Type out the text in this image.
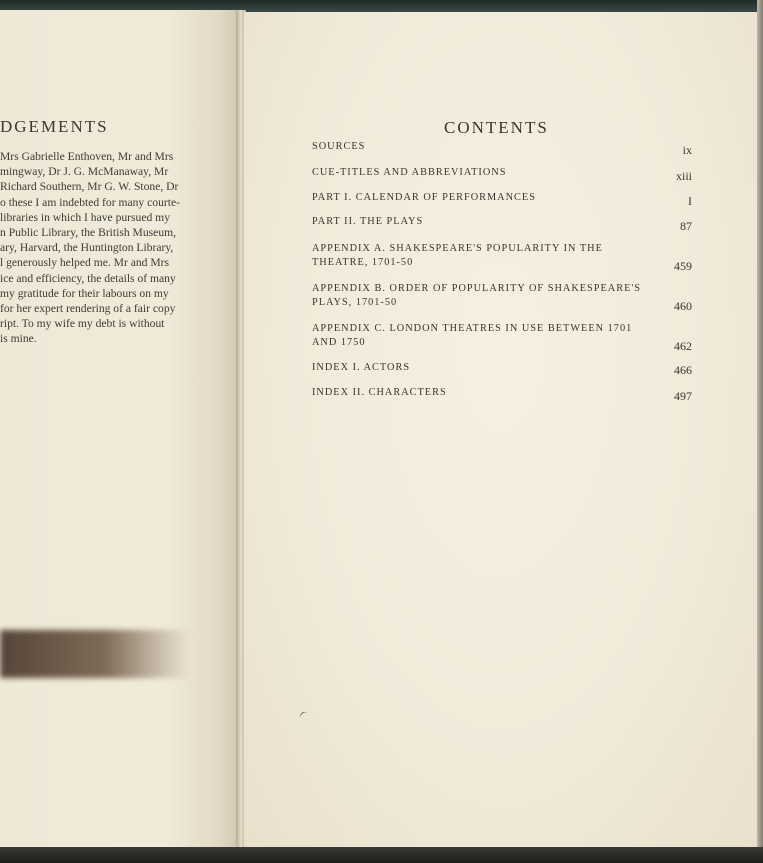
DGEMENTS
Mrs Gabrielle Enthoven, Mr and Mrs
mingway, Dr J. G. McManaway, Mr
Richard Southern, Mr G. W. Stone, Dr
o these I am indebted for many courte-
libraries in which I have pursued my
n Public Library, the British Museum,
ary, Harvard, the Huntington Library,
l generously helped me. Mr and Mrs
ice and efficiency, the details of many
my gratitude for their labours on my
for her expert rendering of a fair copy
ript. To my wife my debt is without
is mine.
CONTENTS
SOURCES	ix
CUE-TITLES AND ABBREVIATIONS	xiii
PART I. CALENDAR OF PERFORMANCES	I
PART II. THE PLAYS	87
APPENDIX A. SHAKESPEARE'S POPULARITY IN THE THEATRE, 1701-50	459
APPENDIX B. ORDER OF POPULARITY OF SHAKESPEARE'S PLAYS, 1701-50	460
APPENDIX C. LONDON THEATRES IN USE BETWEEN 1701 AND 1750	462
INDEX I. ACTORS	466
INDEX II. CHARACTERS	497
